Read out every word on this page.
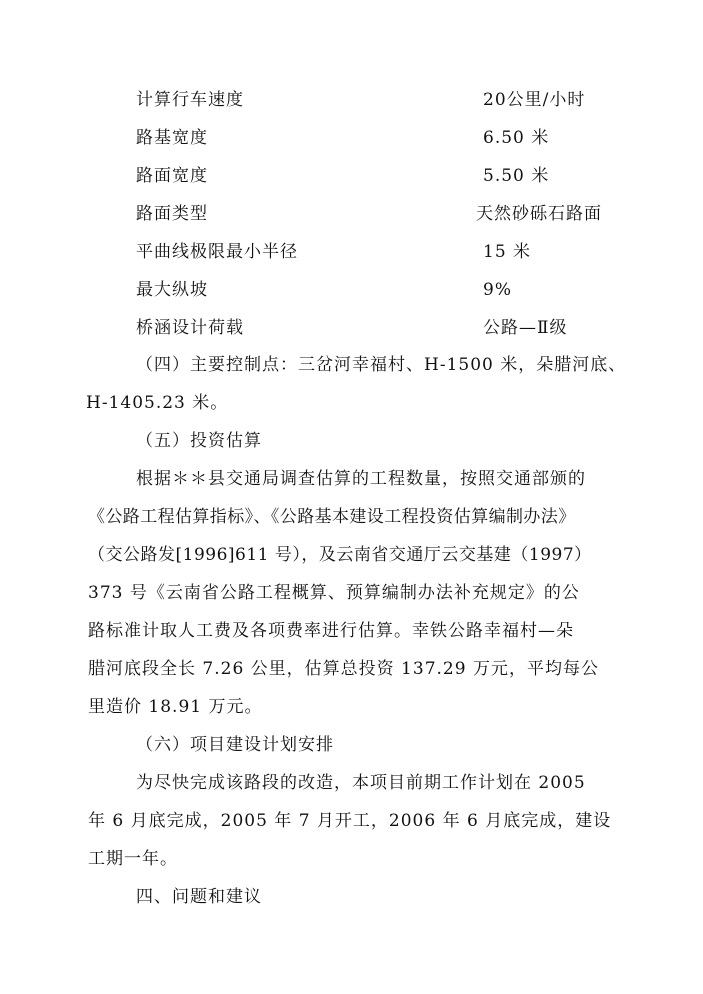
计算行车速度	20公里/小时
路基宽度	6.50 米
路面宽度	5.50 米
路面类型	天然砂砾石路面
平曲线极限最小半径	15 米
最大纵坡	9%
桥涵设计荷载	公路—Ⅱ级
（四）主要控制点：三岔河幸福村、H-1500 米，朵腊河底、
H-1405.23 米。
（五）投资估算
根据＊＊县交通局调查估算的工程数量，按照交通部颁的
《公路工程估算指标》、《公路基本建设工程投资估算编制办法》
（交公路发[1996]611 号），及云南省交通厅云交基建（1997）
373 号《云南省公路工程概算、预算编制办法补充规定》的公
路标准计取人工费及各项费率进行估算。幸铁公路幸福村—朵
腊河底段全长 7.26 公里，估算总投资 137.29 万元，平均每公
里造价 18.91 万元。
（六）项目建设计划安排
为尽快完成该路段的改造，本项目前期工作计划在 2005
年 6 月底完成，2005 年 7 月开工，2006 年 6 月底完成，建设
工期一年。
四、问题和建议
